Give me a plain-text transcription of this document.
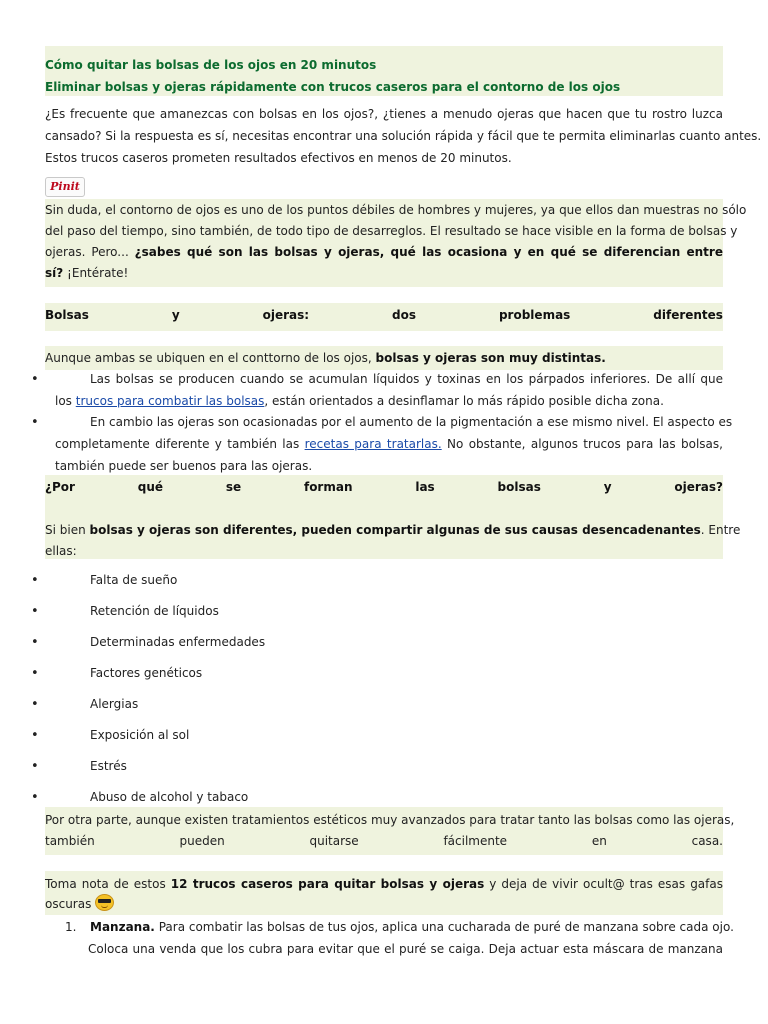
Cómo quitar las bolsas de los ojos en 20 minutos
Eliminar bolsas y ojeras rápidamente con trucos caseros para el contorno de los ojos
¿Es frecuente que amanezcas con bolsas en los ojos?, ¿tienes a menudo ojeras que hacen que tu rostro luzca
cansado? Si la respuesta es sí, necesitas encontrar una solución rápida y fácil que te permita eliminarlas cuanto antes.
Estos trucos caseros prometen resultados efectivos en menos de 20 minutos.
Pinit
Sin duda, el contorno de ojos es uno de los puntos débiles de hombres y mujeres, ya que ellos dan muestras no sólo
del paso del tiempo, sino también, de todo tipo de desarreglos. El resultado se hace visible en la forma de bolsas y
ojeras. Pero... ¿sabes qué son las bolsas y ojeras, qué las ocasiona y en qué se diferencian entre
sí? ¡Entérate!
Bolsas	y	ojeras:	dos	problemas	diferentes
Aunque ambas se ubiquen en el conttorno de los ojos, bolsas y ojeras son muy distintas.
•	Las bolsas se producen cuando se acumulan líquidos y toxinas en los párpados inferiores. De allí que
los trucos para combatir las bolsas, están orientados a desinflamar lo más rápido posible dicha zona.
•	En cambio las ojeras son ocasionadas por el aumento de la pigmentación a ese mismo nivel. El aspecto es
completamente diferente y también las recetas para tratarlas. No obstante, algunos trucos para las bolsas,
también puede ser buenos para las ojeras.
¿Por	qué	se	forman	las	bolsas	y	ojeras?
Si bien bolsas y ojeras son diferentes, pueden compartir algunas de sus causas desencadenantes. Entre
ellas:
•	Falta de sueño
•	Retención de líquidos
•	Determinadas enfermedades
•	Factores genéticos
•	Alergias
•	Exposición al sol
•	Estrés
•	Abuso de alcohol y tabaco
Por otra parte, aunque existen tratamientos estéticos muy avanzados para tratar tanto las bolsas como las ojeras,
también	pueden	quitarse	fácilmente	en	casa.
Toma nota de estos 12 trucos caseros para quitar bolsas y ojeras y deja de vivir ocult@ tras esas gafas
oscuras
1. Manzana. Para combatir las bolsas de tus ojos, aplica una cucharada de puré de manzana sobre cada ojo.
Coloca una venda que los cubra para evitar que el puré se caiga. Deja actuar esta máscara de manzana
